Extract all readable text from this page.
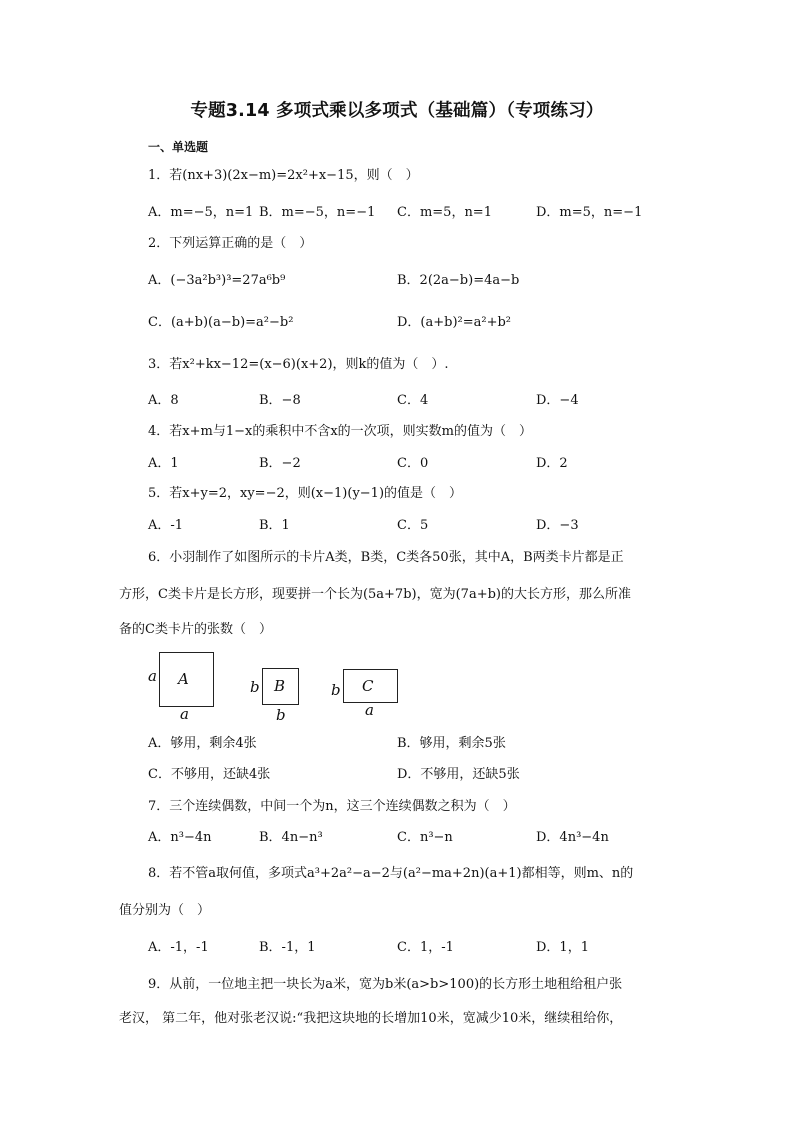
专题3.14 多项式乘以多项式（基础篇）（专项练习）
一、单选题
1．若(nx+3)(2x−m)=2x²+x−15，则（　）
A．m=−5，n=1 B．m=−5，n=−1 C．m=5，n=1	D．m=5，n=−1
2．下列运算正确的是（　）
A．(−3a²b³)³=27a⁶b⁹	B．2(2a−b)=4a−b
C．(a+b)(a−b)=a²−b²	D．(a+b)²=a²+b²
3．若x²+kx−12=(x−6)(x+2)，则k的值为（　）.
A．8	B．−8	C．4	D．−4
4．若x+m与1−x的乘积中不含x的一次项，则实数m的值为（　）
A．1	B．−2	C．0	D．2
5．若x+y=2，xy=−2，则(x−1)(y−1)的值是（　）
A．-1	B．1	C．5	D．−3
6．小羽制作了如图所示的卡片A类，B类，C类各50张，其中A，B两类卡片都是正
方形，C类卡片是长方形，现要拼一个长为(5a+7b)，宽为(7a+b)的大长方形，那么所准
备的C类卡片的张数（　）
a A
a
b B
b
b C
a
A．够用，剩余4张	B．够用，剩余5张
C．不够用，还缺4张	D．不够用，还缺5张
7．三个连续偶数，中间一个为n，这三个连续偶数之积为（　）
A．n³−4n	B．4n−n³	C．n³−n	D．4n³−4n
8．若不管a取何值，多项式a³+2a²−a−2与(a²−ma+2n)(a+1)都相等，则m、n的
值分别为（　）
A．-1，-1	B．-1，1	C．1，-1	D．1，1
9．从前，一位地主把一块长为a米，宽为b米(a>b>100)的长方形土地租给租户张
老汉， 第二年，他对张老汉说:“我把这块地的长增加10米，宽减少10米，继续租给你，
